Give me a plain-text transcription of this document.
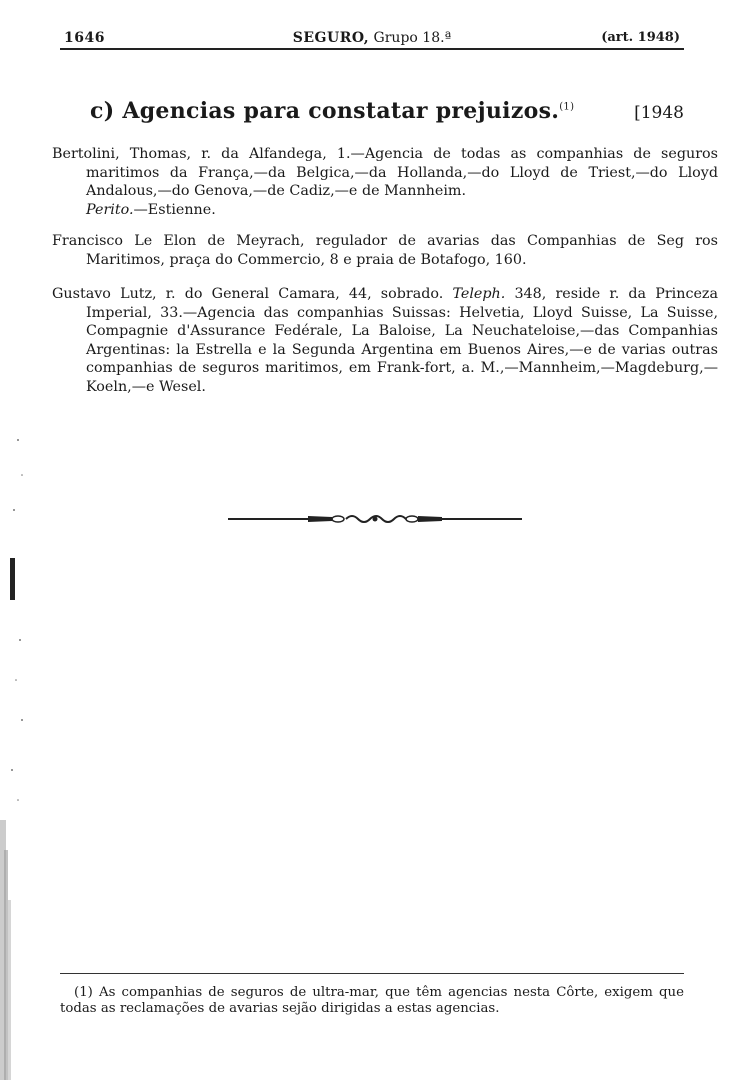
1646	SEGURO, Grupo 18.ª	(art. 1948)
c) Agencias para constatar prejuizos.$^{(1)}$	[1948

Bertolini, Thomas, r. da Alfandega, 1.—Agencia de todas as companhias de seguros maritimos da França,—da Belgica,—da Hollanda,—do Lloyd de Triest,—do Lloyd Andalous,—do Genova,—de Cadiz,—e de Mannheim.
Perito.—Estienne.

Francisco Le Elon de Meyrach, regulador de avarias das Companhias de Seg ros Maritimos, praça do Commercio, 8 e praia de Botafogo, 160.

Gustavo Lutz, r. do General Camara, 44, sobrado. Teleph. 348, reside r. da Princeza Imperial, 33.—Agencia das companhias Suissas: Helvetia, Lloyd Suisse, La Suisse, Compagnie d'Assurance Fedérale, La Baloise, La Neuchateloise,—das Companhias Argentinas: la Estrella e la Segunda Argentina em Buenos Aires,—e de varias outras companhias de seguros maritimos, em Frank-fort, a. M.,—Mannheim,—Magdeburg,—Koeln,—e Wesel.

(1) As companhias de seguros de ultra-mar, que têm agencias nesta Côrte, exigem que todas as reclamações de avarias sejão dirigidas a estas agencias.
